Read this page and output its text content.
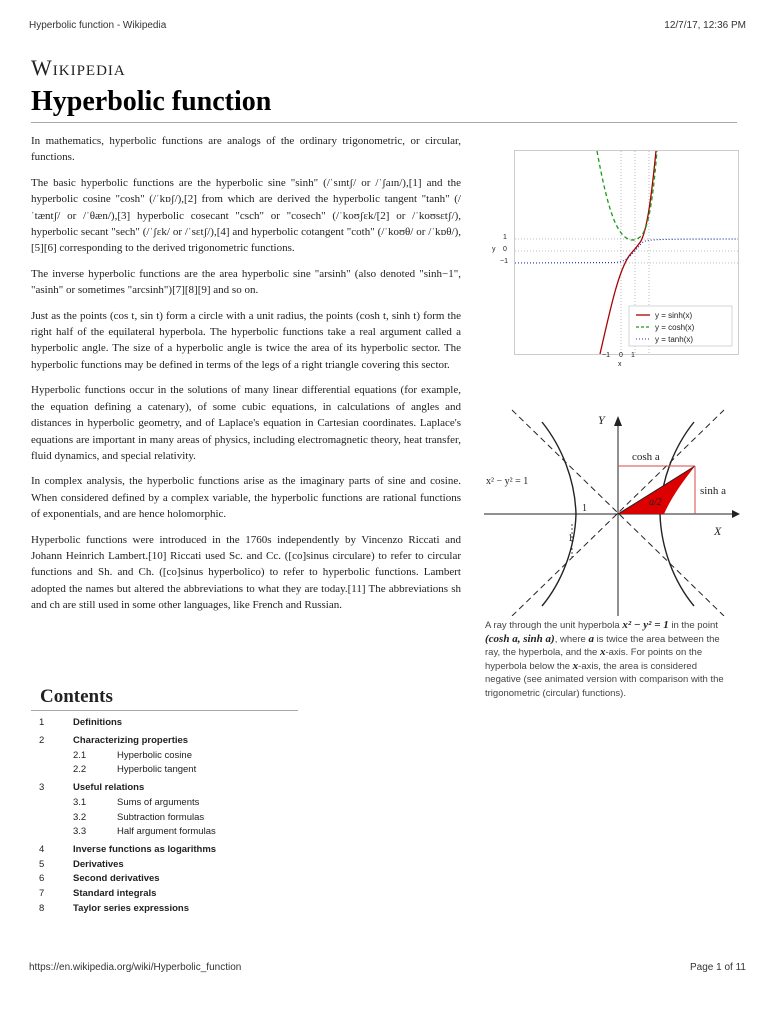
Hyperbolic function - Wikipedia	12/7/17, 12:36 PM
Wikipedia
Hyperbolic function

In mathematics, hyperbolic functions are analogs of the ordinary trigonometric, or circular, functions.

The basic hyperbolic functions are the hyperbolic sine "sinh" (/ˈsɪntʃ/ or /ˈʃaɪn/),[1] and the hyperbolic cosine "cosh" (/ˈkɒʃ/),[2] from which are derived the hyperbolic tangent "tanh" (/ˈtæntʃ/ or /ˈθæn/),[3] hyperbolic cosecant "csch" or "cosech" (/ˈkoʊʃɛk/[2] or /ˈkoʊsɛtʃ/), hyperbolic secant "sech" (/ˈʃɛk/ or /ˈsɛtʃ/),[4] and hyperbolic cotangent "coth" (/ˈkoʊθ/ or /ˈkɒθ/),[5][6] corresponding to the derived trigonometric functions.

The inverse hyperbolic functions are the area hyperbolic sine "arsinh" (also denoted "sinh−1", "asinh" or sometimes "arcsinh")[7][8][9] and so on.

Just as the points (cos t, sin t) form a circle with a unit radius, the points (cosh t, sinh t) form the right half of the equilateral hyperbola. The hyperbolic functions take a real argument called a hyperbolic angle. The size of a hyperbolic angle is twice the area of its hyperbolic sector. The hyperbolic functions may be defined in terms of the legs of a right triangle covering this sector.

Hyperbolic functions occur in the solutions of many linear differential equations (for example, the equation defining a catenary), of some cubic equations, in calculations of angles and distances in hyperbolic geometry, and of Laplace's equation in Cartesian coordinates. Laplace's equations are important in many areas of physics, including electromagnetic theory, heat transfer, fluid dynamics, and special relativity.

In complex analysis, the hyperbolic functions arise as the imaginary parts of sine and cosine. When considered defined by a complex variable, the hyperbolic functions are rational functions of exponentials, and are hence holomorphic.

Hyperbolic functions were introduced in the 1760s independently by Vincenzo Riccati and Johann Heinrich Lambert.[10] Riccati used Sc. and Cc. ([co]sinus circulare) to refer to circular functions and Sh. and Ch. ([co]sinus hyperbolico) to refer to hyperbolic functions. Lambert adopted the names but altered the abbreviations to what they are today.[11] The abbreviations sh and ch are still used in some other languages, like French and Russian.

y = sinh(x)
y = cosh(x)
y = tanh(x)
1
0
−1
y
−1 0 1
x
Y
X
cosh a
sinh a
x² − y² = 1
a/2
1
1
A ray through the unit hyperbola x² − y² = 1 in the point (cosh a, sinh a), where a is twice the area between the ray, the hyperbola, and the x-axis. For points on the hyperbola below the x-axis, the area is considered negative (see animated version with comparison with the trigonometric (circular) functions).
Contents
1	Definitions
2	Characterizing properties
2.1	Hyperbolic cosine
2.2	Hyperbolic tangent
3	Useful relations
3.1	Sums of arguments
3.2	Subtraction formulas
3.3	Half argument formulas
4	Inverse functions as logarithms
5	Derivatives
6	Second derivatives
7	Standard integrals
8	Taylor series expressions
https://en.wikipedia.org/wiki/Hyperbolic_function	Page 1 of 11
